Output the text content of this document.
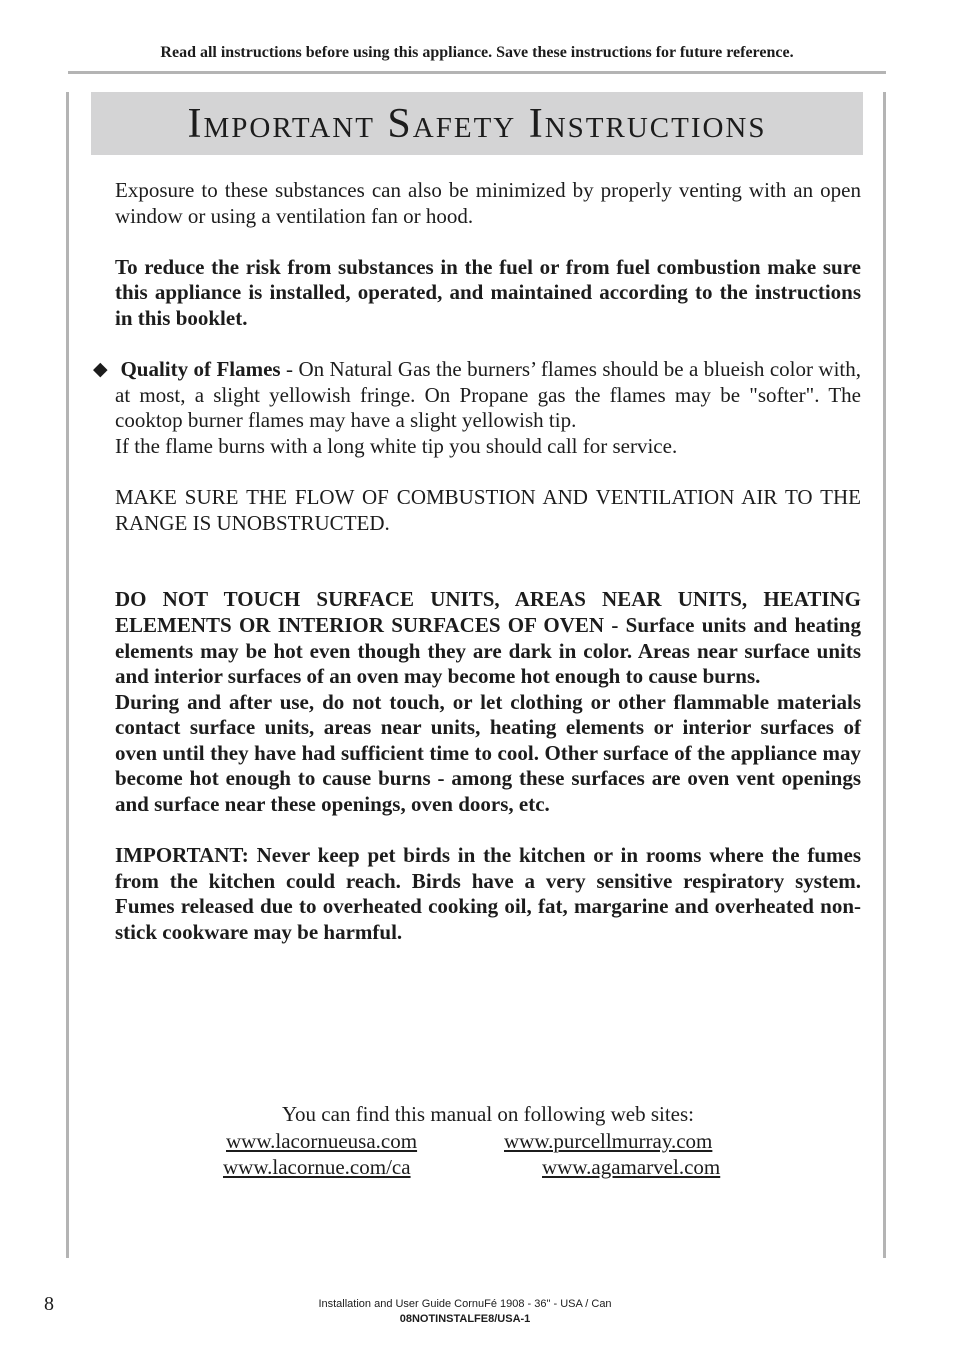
Read all instructions before using this appliance. Save these instructions for future reference.
Important Safety Instructions

Exposure to these substances can also be minimized by properly venting with an open window or using a ventilation fan or hood.

To reduce the risk from substances in the fuel or from fuel combustion make sure this appliance is installed, operated, and maintained according to the instructions in this booklet.

◆ Quality of Flames - On Natural Gas the burners’ flames should be a blueish color with, at most, a slight yellowish fringe. On Propane gas the flames may be "softer". The cooktop burner flames may have a slight yellowish tip.

If the flame burns with a long white tip you should call for service.

MAKE SURE THE FLOW OF COMBUSTION AND VENTILATION AIR TO THE RANGE IS UNOBSTRUCTED.

DO NOT TOUCH SURFACE UNITS, AREAS NEAR UNITS, HEATING ELEMENTS OR INTERIOR SURFACES OF OVEN - Surface units and heating elements may be hot even though they are dark in color. Areas near surface units and interior surfaces of an oven may become hot enough to cause burns.

During and after use, do not touch, or let clothing or other flammable materials contact surface units, areas near units, heating elements or interior surfaces of oven until they have had sufficient time to cool. Other surface of the appliance may become hot enough to cause burns - among these surfaces are oven vent openings and surface near these openings, oven doors, etc.

IMPORTANT: Never keep pet birds in the kitchen or in rooms where the fumes from the kitchen could reach. Birds have a very sensitive respiratory system. Fumes released due to overheated cooking oil, fat, margarine and overheated non-stick cookware may be harmful.

You can find this manual on following web sites:
www.lacornueusa.com	www.purcellmurray.com
www.lacornue.com/ca	www.agamarvel.com
8	Installation and User Guide CornuFé 1908 - 36" - USA / Can
08NOTINSTALFE8/USA-1
